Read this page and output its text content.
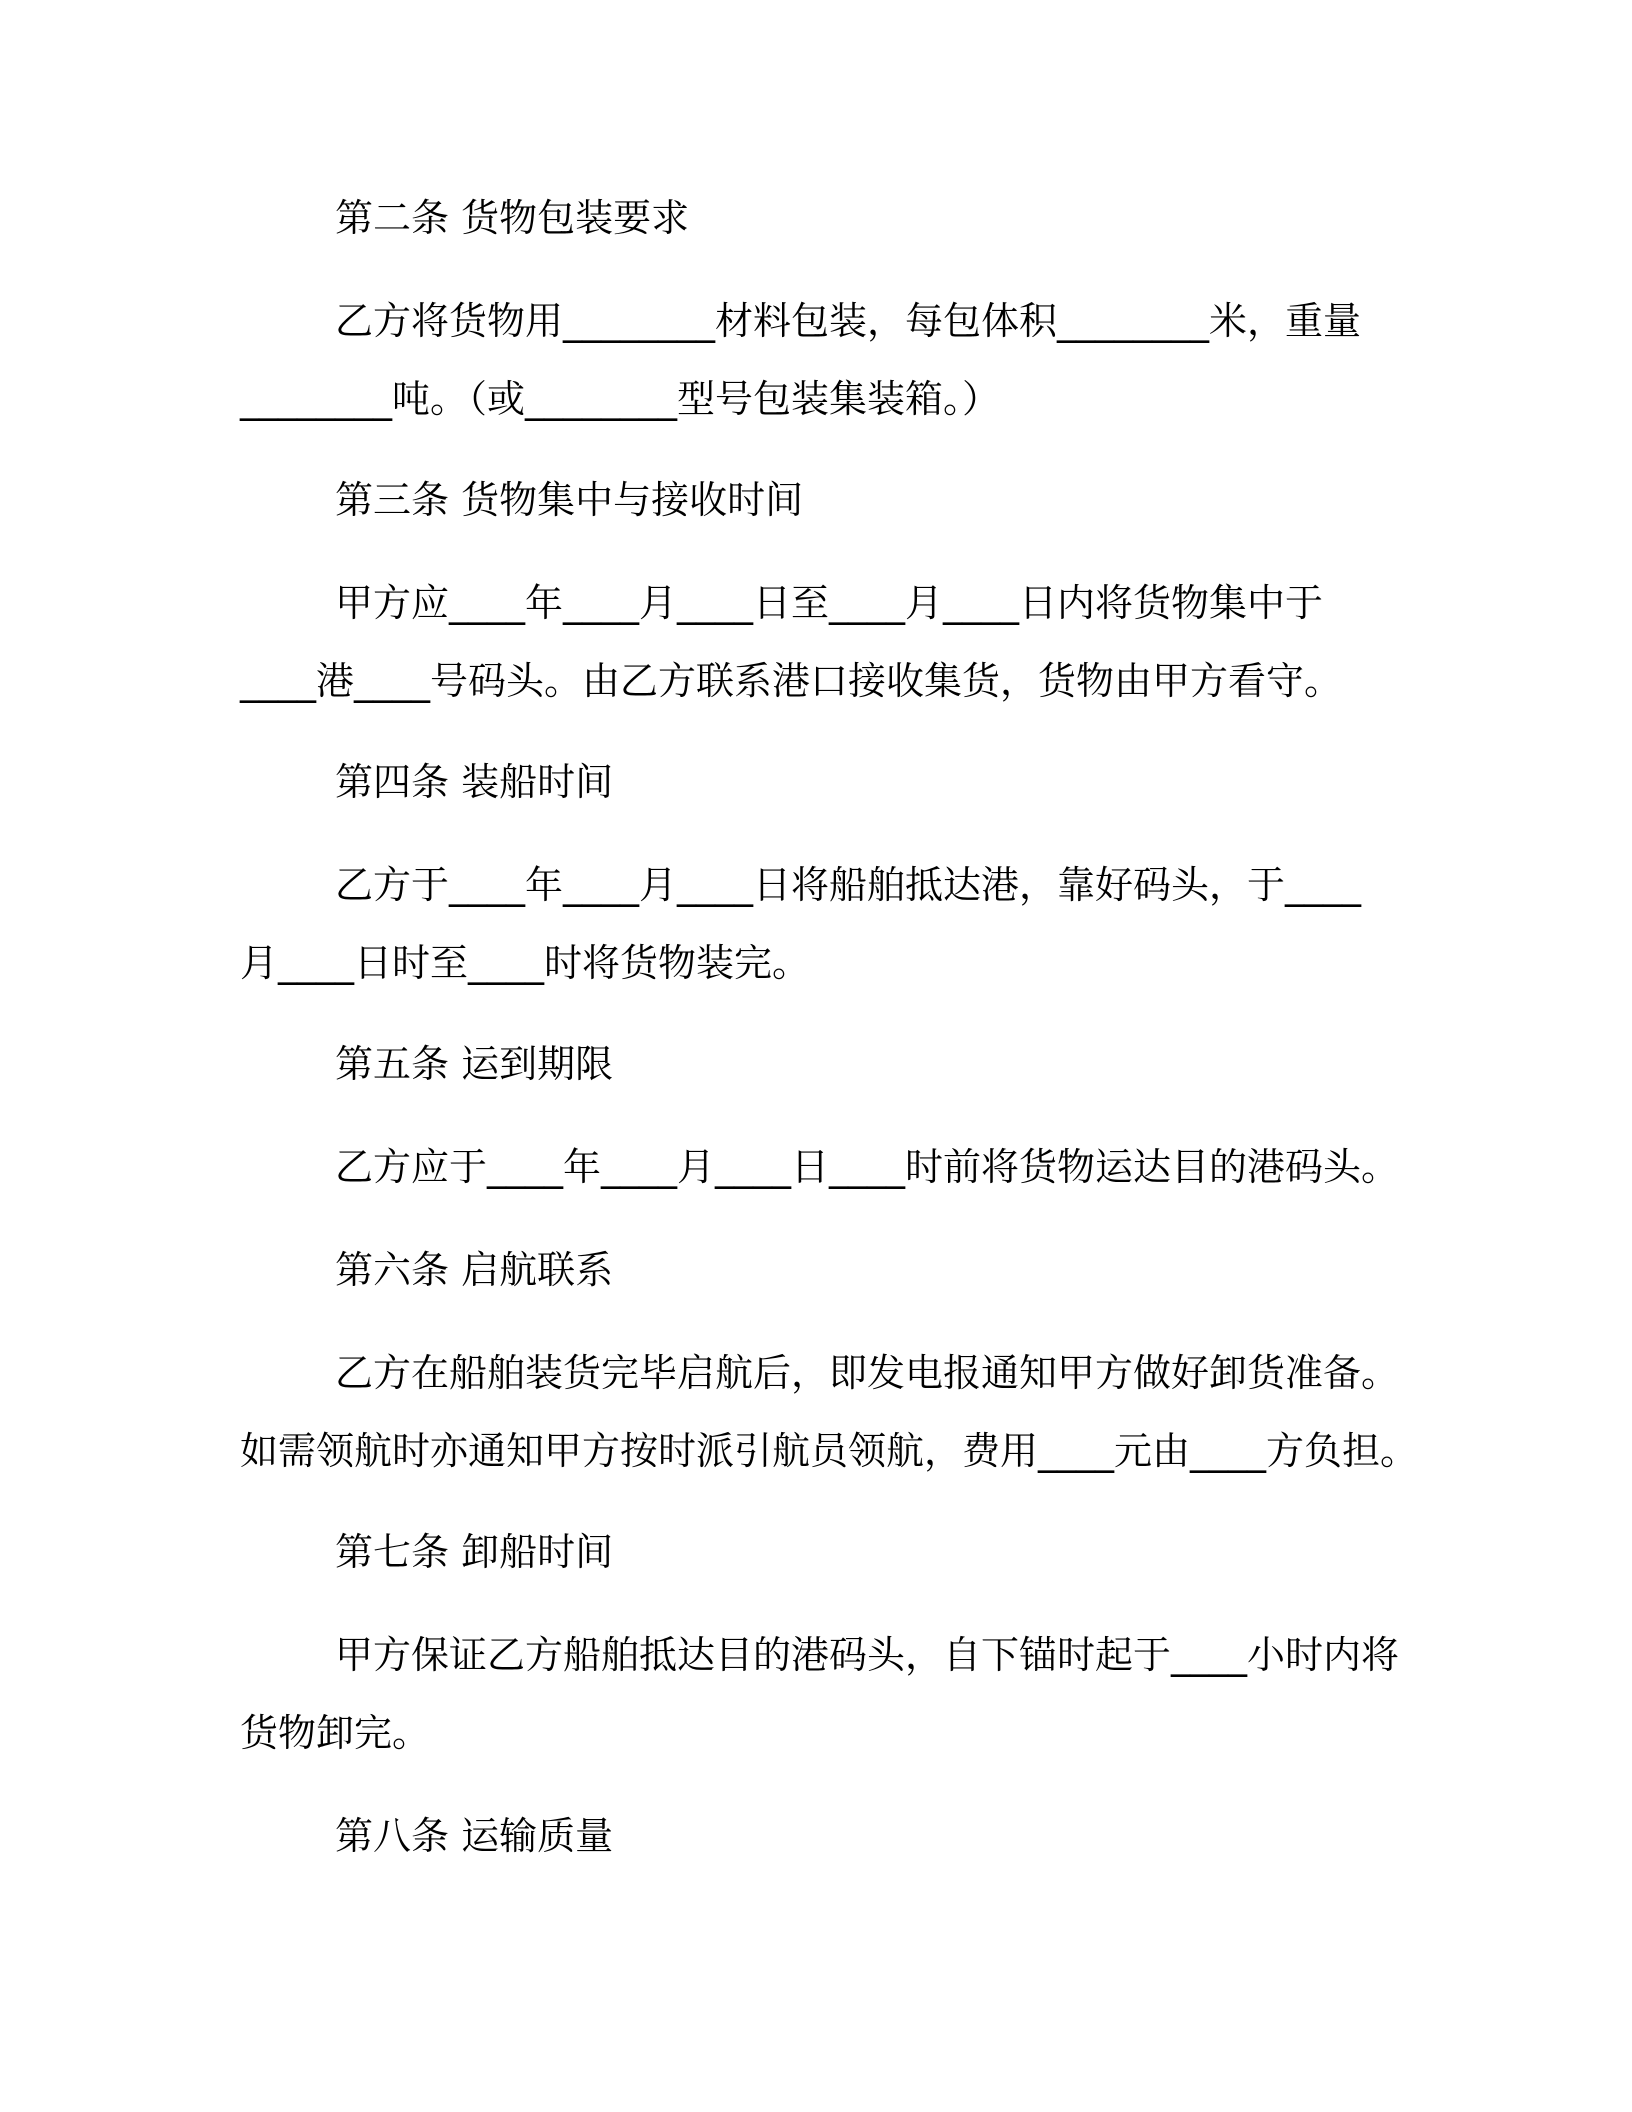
第二条 货物包装要求

乙方将货物用________材料包装，每包体积________米，重量

________吨。（或________型号包装集装箱。）

第三条 货物集中与接收时间

甲方应____年____月____日至____月____日内将货物集中于

____港____号码头。由乙方联系港口接收集货，货物由甲方看守。

第四条 装船时间

乙方于____年____月____日将船舶抵达港，靠好码头，于____

月____日时至____时将货物装完。

第五条 运到期限

乙方应于____年____月____日____时前将货物运达目的港码头。

第六条 启航联系

乙方在船舶装货完毕启航后，即发电报通知甲方做好卸货准备。

如需领航时亦通知甲方按时派引航员领航，费用____元由____方负担。

第七条 卸船时间

甲方保证乙方船舶抵达目的港码头，自下锚时起于____小时内将

货物卸完。

第八条 运输质量
